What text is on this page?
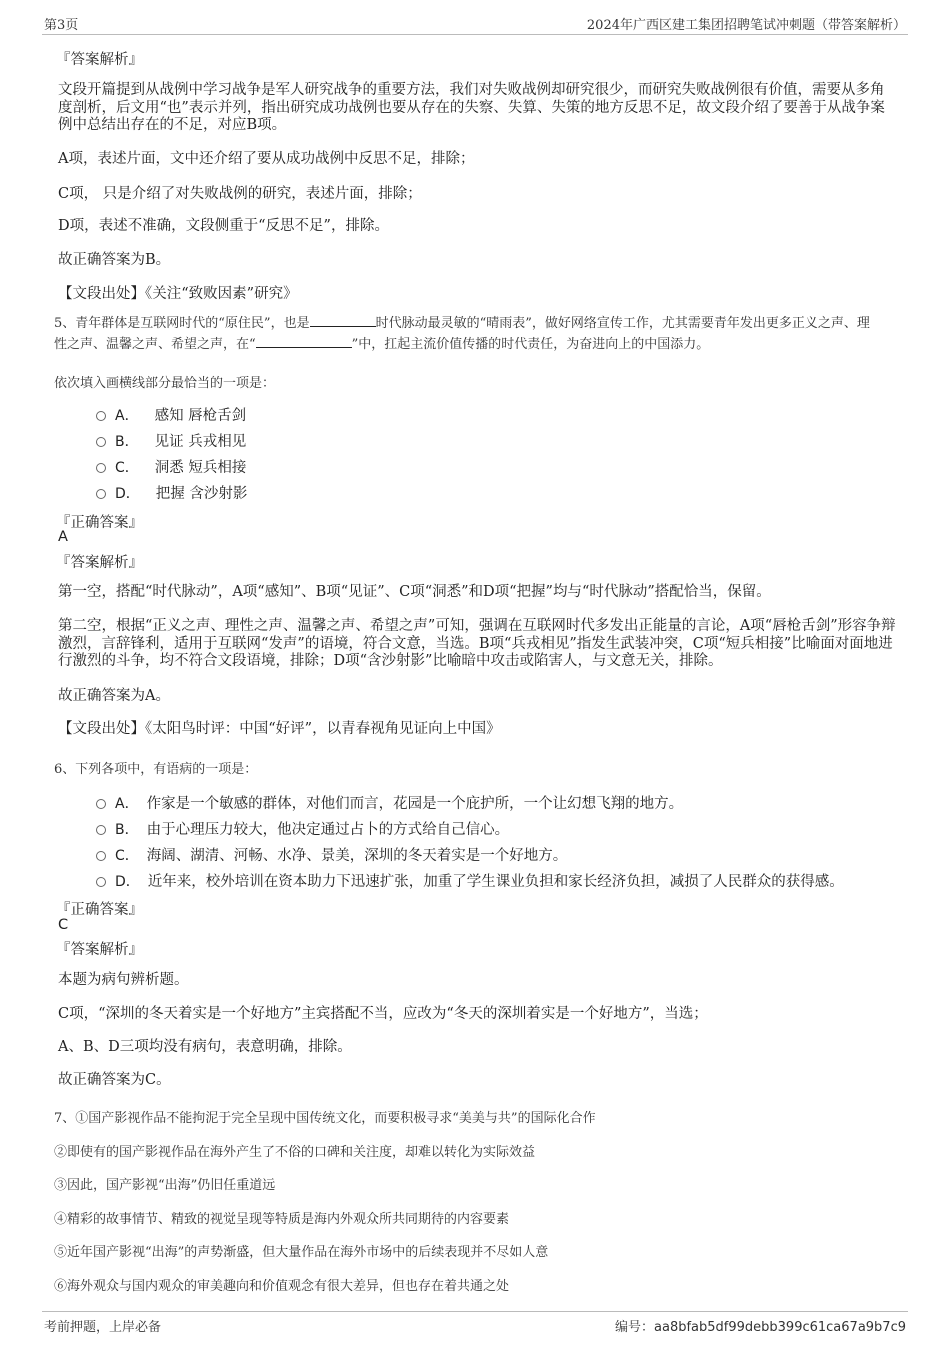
第3页	2024年广西区建工集团招聘笔试冲刺题（带答案解析）
『答案解析』

文段开篇提到从战例中学习战争是军人研究战争的重要方法，我们对失败战例却研究很少，而研究失败战例很有价值，需要从多角度剖析，后文用“也”表示并列，指出研究成功战例也要从存在的失察、失算、失策的地方反思不足，故文段介绍了要善于从战争案例中总结出存在的不足，对应B项。

A项，表述片面，文中还介绍了要从成功战例中反思不足，排除；
C项， 只是介绍了对失败战例的研究，表述片面，排除；
D项，表述不准确，文段侧重于“反思不足”，排除。
故正确答案为B。
【文段出处】《关注“致败因素”研究》
5、青年群体是互联网时代的“原住民”，也是	时代脉动最灵敏的“晴雨表”，做好网络宣传工作，尤其需要青年发出更多正义之声、理
性之声、温馨之声、希望之声，在“	”中，扛起主流价值传播的时代责任，为奋进向上的中国添力。
依次填入画横线部分最恰当的一项是：
A． 感知 唇枪舌剑
B． 见证 兵戎相见
C． 洞悉 短兵相接
D． 把握 含沙射影
『正确答案』
A
『答案解析』
第一空，搭配“时代脉动”，A项“感知”、B项“见证”、C项“洞悉”和D项“把握”均与“时代脉动”搭配恰当，保留。

第二空，根据“正义之声、理性之声、温馨之声、希望之声”可知，强调在互联网时代多发出正能量的言论，A项“唇枪舌剑”形容争辩激烈，言辞锋利，适用于互联网“发声”的语境，符合文意，当选。B项“兵戎相见”指发生武装冲突，C项“短兵相接”比喻面对面地进行激烈的斗争，均不符合文段语境，排除；D项“含沙射影”比喻暗中攻击或陷害人，与文意无关，排除。

故正确答案为A。
【文段出处】《太阳鸟时评：中国“好评”，以青春视角见证向上中国》
6、下列各项中，有语病的一项是：
A． 作家是一个敏感的群体，对他们而言，花园是一个庇护所，一个让幻想飞翔的地方。
B． 由于心理压力较大，他决定通过占卜的方式给自己信心。
C． 海阔、湖清、河畅、水净、景美，深圳的冬天着实是一个好地方。
D． 近年来，校外培训在资本助力下迅速扩张，加重了学生课业负担和家长经济负担，减损了人民群众的获得感。
『正确答案』
C
『答案解析』
本题为病句辨析题。
C项，“深圳的冬天着实是一个好地方”主宾搭配不当，应改为“冬天的深圳着实是一个好地方”，当选；
A、B、D三项均没有病句，表意明确，排除。
故正确答案为C。
7、①国产影视作品不能拘泥于完全呈现中国传统文化，而要积极寻求“美美与共”的国际化合作
②即使有的国产影视作品在海外产生了不俗的口碑和关注度，却难以转化为实际效益
③因此，国产影视“出海”仍旧任重道远
④精彩的故事情节、精致的视觉呈现等特质是海内外观众所共同期待的内容要素
⑤近年国产影视“出海”的声势渐盛，但大量作品在海外市场中的后续表现并不尽如人意
⑥海外观众与国内观众的审美趣向和价值观念有很大差异，但也存在着共通之处
考前押题，上岸必备	编号：aa8bfab5df99debb399c61ca67a9b7c9
